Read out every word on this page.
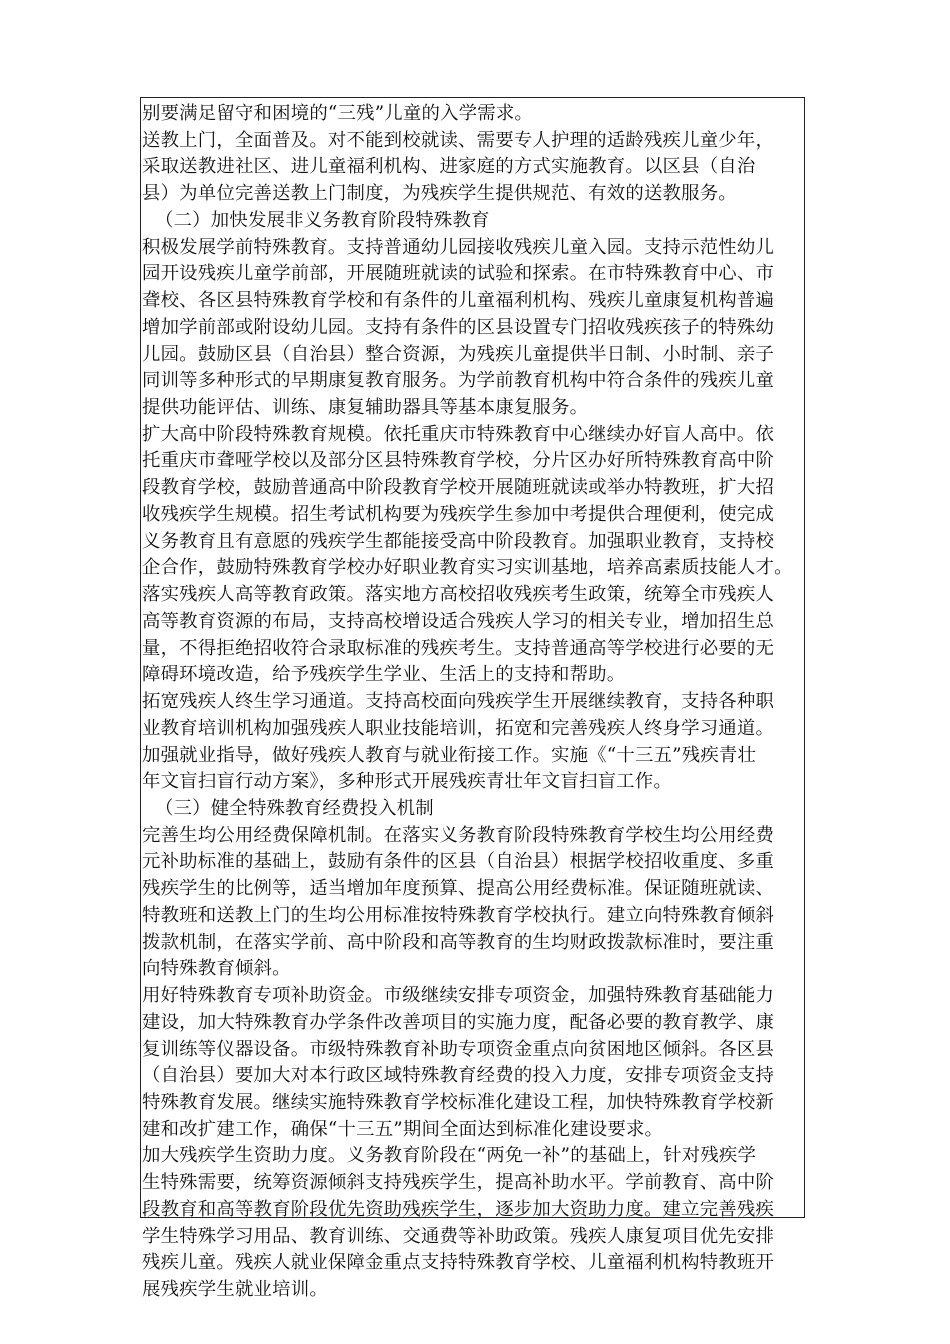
别要满足留守和困境的“三残”儿童的入学需求。
送教上门，全面普及。对不能到校就读、需要专人护理的适龄残疾儿童少年，
采取送教进社区、进儿童福利机构、进家庭的方式实施教育。以区县（自治
县）为单位完善送教上门制度，为残疾学生提供规范、有效的送教服务。
（二）加快发展非义务教育阶段特殊教育
积极发展学前特殊教育。支持普通幼儿园接收残疾儿童入园。支持示范性幼儿
园开设残疾儿童学前部，开展随班就读的试验和探索。在市特殊教育中心、市
聋校、各区县特殊教育学校和有条件的儿童福利机构、残疾儿童康复机构普遍
增加学前部或附设幼儿园。支持有条件的区县设置专门招收残疾孩子的特殊幼
儿园。鼓励区县（自治县）整合资源，为残疾儿童提供半日制、小时制、亲子
同训等多种形式的早期康复教育服务。为学前教育机构中符合条件的残疾儿童
提供功能评估、训练、康复辅助器具等基本康复服务。
扩大高中阶段特殊教育规模。依托重庆市特殊教育中心继续办好盲人高中。依
托重庆市聋哑学校以及部分区县特殊教育学校，分片区办好所特殊教育高中阶
段教育学校，鼓励普通高中阶段教育学校开展随班就读或举办特教班，扩大招
收残疾学生规模。招生考试机构要为残疾学生参加中考提供合理便利，使完成
义务教育且有意愿的残疾学生都能接受高中阶段教育。加强职业教育，支持校
企合作，鼓励特殊教育学校办好职业教育实习实训基地，培养高素质技能人才。
落实残疾人高等教育政策。落实地方高校招收残疾考生政策，统筹全市残疾人
高等教育资源的布局，支持高校增设适合残疾人学习的相关专业，增加招生总
量，不得拒绝招收符合录取标准的残疾考生。支持普通高等学校进行必要的无
障碍环境改造，给予残疾学生学业、生活上的支持和帮助。
拓宽残疾人终生学习通道。支持高校面向残疾学生开展继续教育，支持各种职
业教育培训机构加强残疾人职业技能培训，拓宽和完善残疾人终身学习通道。
加强就业指导，做好残疾人教育与就业衔接工作。实施《“十三五”残疾青壮
年文盲扫盲行动方案》，多种形式开展残疾青壮年文盲扫盲工作。
（三）健全特殊教育经费投入机制
完善生均公用经费保障机制。在落实义务教育阶段特殊教育学校生均公用经费
元补助标准的基础上，鼓励有条件的区县（自治县）根据学校招收重度、多重
残疾学生的比例等，适当增加年度预算、提高公用经费标准。保证随班就读、
特教班和送教上门的生均公用标准按特殊教育学校执行。建立向特殊教育倾斜
拨款机制，在落实学前、高中阶段和高等教育的生均财政拨款标准时，要注重
向特殊教育倾斜。
用好特殊教育专项补助资金。市级继续安排专项资金，加强特殊教育基础能力
建设，加大特殊教育办学条件改善项目的实施力度，配备必要的教育教学、康
复训练等仪器设备。市级特殊教育补助专项资金重点向贫困地区倾斜。各区县
（自治县）要加大对本行政区域特殊教育经费的投入力度，安排专项资金支持
特殊教育发展。继续实施特殊教育学校标准化建设工程，加快特殊教育学校新
建和改扩建工作，确保“十三五”期间全面达到标准化建设要求。
加大残疾学生资助力度。义务教育阶段在“两免一补”的基础上，针对残疾学
生特殊需要，统筹资源倾斜支持残疾学生，提高补助水平。学前教育、高中阶
段教育和高等教育阶段优先资助残疾学生，逐步加大资助力度。建立完善残疾
学生特殊学习用品、教育训练、交通费等补助政策。残疾人康复项目优先安排
残疾儿童。残疾人就业保障金重点支持特殊教育学校、儿童福利机构特教班开
展残疾学生就业培训。
